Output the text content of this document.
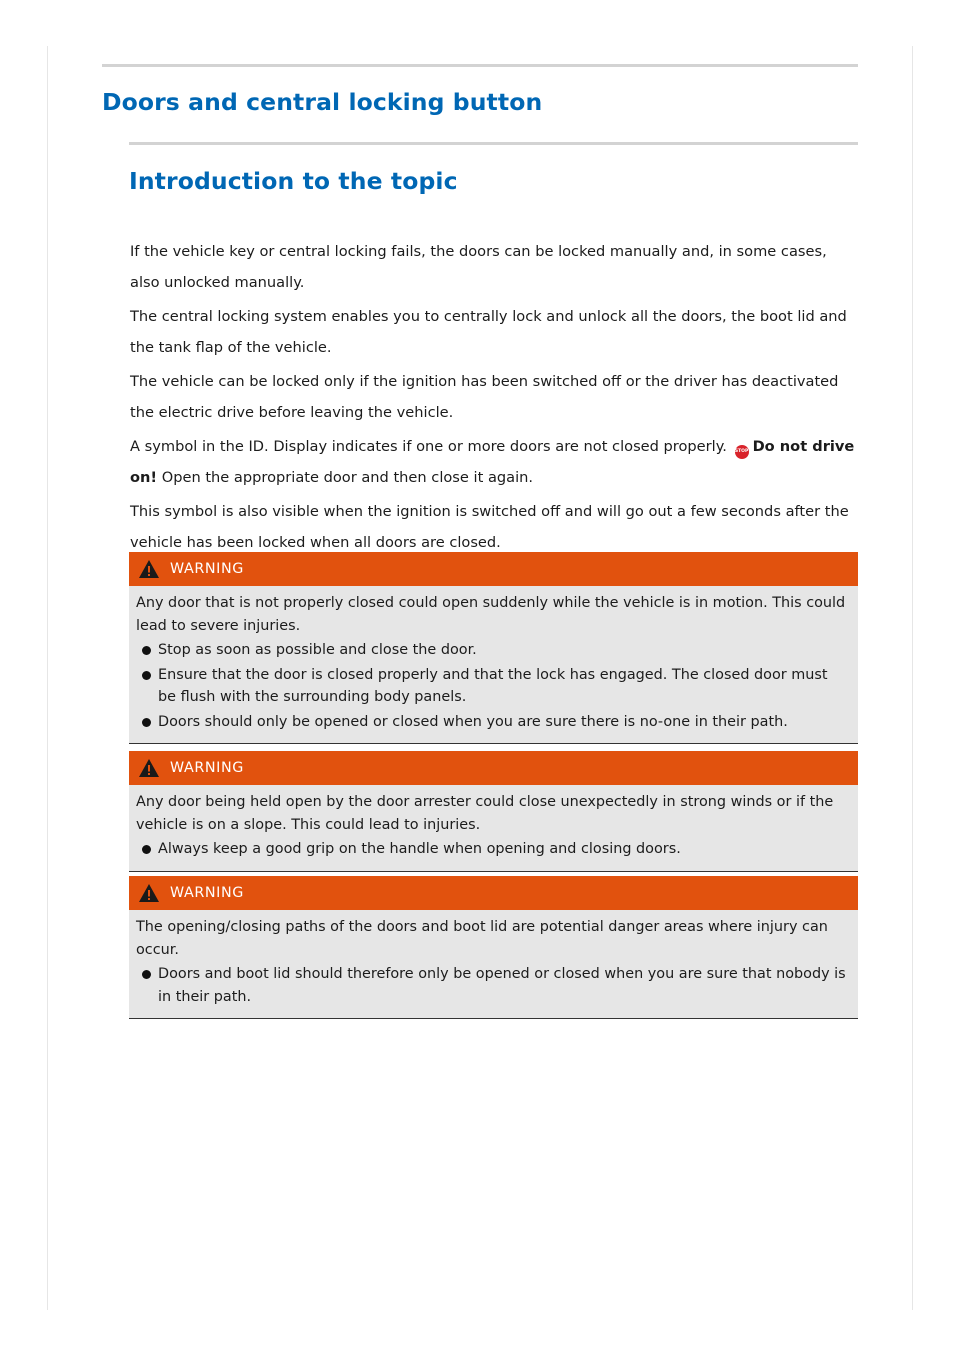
Doors and central locking button
Introduction to the topic

If the vehicle key or central locking fails, the doors can be locked manually and, in some cases, also unlocked manually.

The central locking system enables you to centrally lock and unlock all the doors, the boot lid and the tank flap of the vehicle.

The vehicle can be locked only if the ignition has been switched off or the driver has deactivated the electric drive before leaving the vehicle.

A symbol in the ID. Display indicates if one or more doors are not closed properly. STOP Do not drive on! Open the appropriate door and then close it again.

This symbol is also visible when the ignition is switched off and will go out a few seconds after the vehicle has been locked when all doors are closed.

WARNING

Any door that is not properly closed could open suddenly while the vehicle is in motion. This could lead to severe injuries.

Stop as soon as possible and close the door.
Ensure that the door is closed properly and that the lock has engaged. The closed door must be flush with the surrounding body panels.
Doors should only be opened or closed when you are sure there is no-one in their path.
WARNING

Any door being held open by the door arrester could close unexpectedly in strong winds or if the vehicle is on a slope. This could lead to injuries.

Always keep a good grip on the handle when opening and closing doors.
WARNING

The opening/closing paths of the doors and boot lid are potential danger areas where injury can occur.

Doors and boot lid should therefore only be opened or closed when you are sure that nobody is in their path.
